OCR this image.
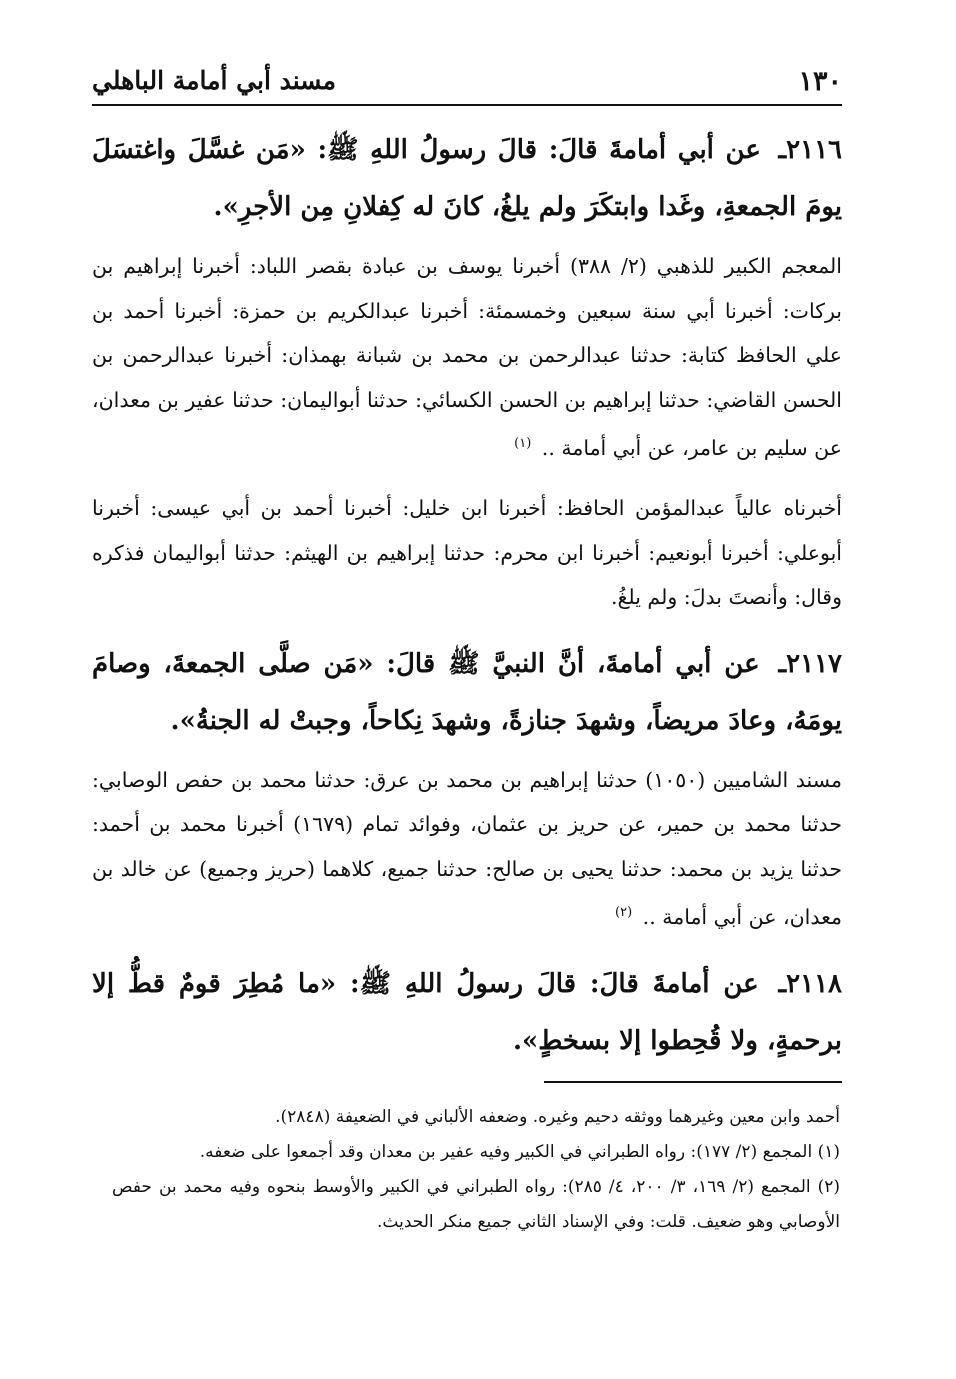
١٣٠
مسند أبي أمامة الباهلي

٢١١٦ـ عن أبي أمامةَ قالَ: قالَ رسولُ اللهِ ﷺ: «مَن غسَّلَ واغتسَلَ يومَ الجمعةِ، وغَدا وابتكَرَ ولم يلغُ، كانَ له كِفلانِ مِن الأجرِ».

المعجم الكبير للذهبي (٢/ ٣٨٨) أخبرنا يوسف بن عبادة بقصر اللباد: أخبرنا إبراهيم بن بركات: أخبرنا أبي سنة سبعين وخمسمئة: أخبرنا عبدالكريم بن حمزة: أخبرنا أحمد بن علي الحافظ كتابة: حدثنا عبدالرحمن بن محمد بن شبانة بهمذان: أخبرنا عبدالرحمن بن الحسن القاضي: حدثنا إبراهيم بن الحسن الكسائي: حدثنا أبواليمان: حدثنا عفير بن معدان، عن سليم بن عامر، عن أبي أمامة .. $^{(١)}$

أخبرناه عالياً عبدالمؤمن الحافظ: أخبرنا ابن خليل: أخبرنا أحمد بن أبي عيسى: أخبرنا أبوعلي: أخبرنا أبونعيم: أخبرنا ابن محرم: حدثنا إبراهيم بن الهيثم: حدثنا أبواليمان فذكره وقال: وأنصتَ بدلَ: ولم يلغُ.

٢١١٧ـ عن أبي أمامةَ، أنَّ النبيَّ ﷺ قالَ: «مَن صلَّى الجمعةَ، وصامَ يومَهُ، وعادَ مريضاً، وشهدَ جنازةً، وشهدَ نِكاحاً، وجبتْ له الجنةُ».

مسند الشاميين (١٠٥٠) حدثنا إبراهيم بن محمد بن عرق: حدثنا محمد بن حفص الوصابي: حدثنا محمد بن حمير، عن حريز بن عثمان، وفوائد تمام (١٦٧٩) أخبرنا محمد بن أحمد: حدثنا يزيد بن محمد: حدثنا يحيى بن صالح: حدثنا جميع، كلاهما (حريز وجميع) عن خالد بن معدان، عن أبي أمامة .. $^{(٢)}$

٢١١٨ـ عن أمامةَ قالَ: قالَ رسولُ اللهِ ﷺ: «ما مُطِرَ قومٌ قطُّ إلا برحمةٍ، ولا قُحِطوا إلا بسخطٍ».

أحمد وابن معين وغيرهما ووثقه دحيم وغيره. وضعفه الألباني في الضعيفة (٢٨٤٨).

(١) المجمع (٢/ ١٧٧): رواه الطبراني في الكبير وفيه عفير بن معدان وقد أجمعوا على ضعفه.

(٢) المجمع (٢/ ١٦٩، ٣/ ٢٠٠، ٤/ ٢٨٥): رواه الطبراني في الكبير والأوسط بنحوه وفيه محمد بن حفص الأوصابي وهو ضعيف. قلت: وفي الإسناد الثاني جميع منكر الحديث.
